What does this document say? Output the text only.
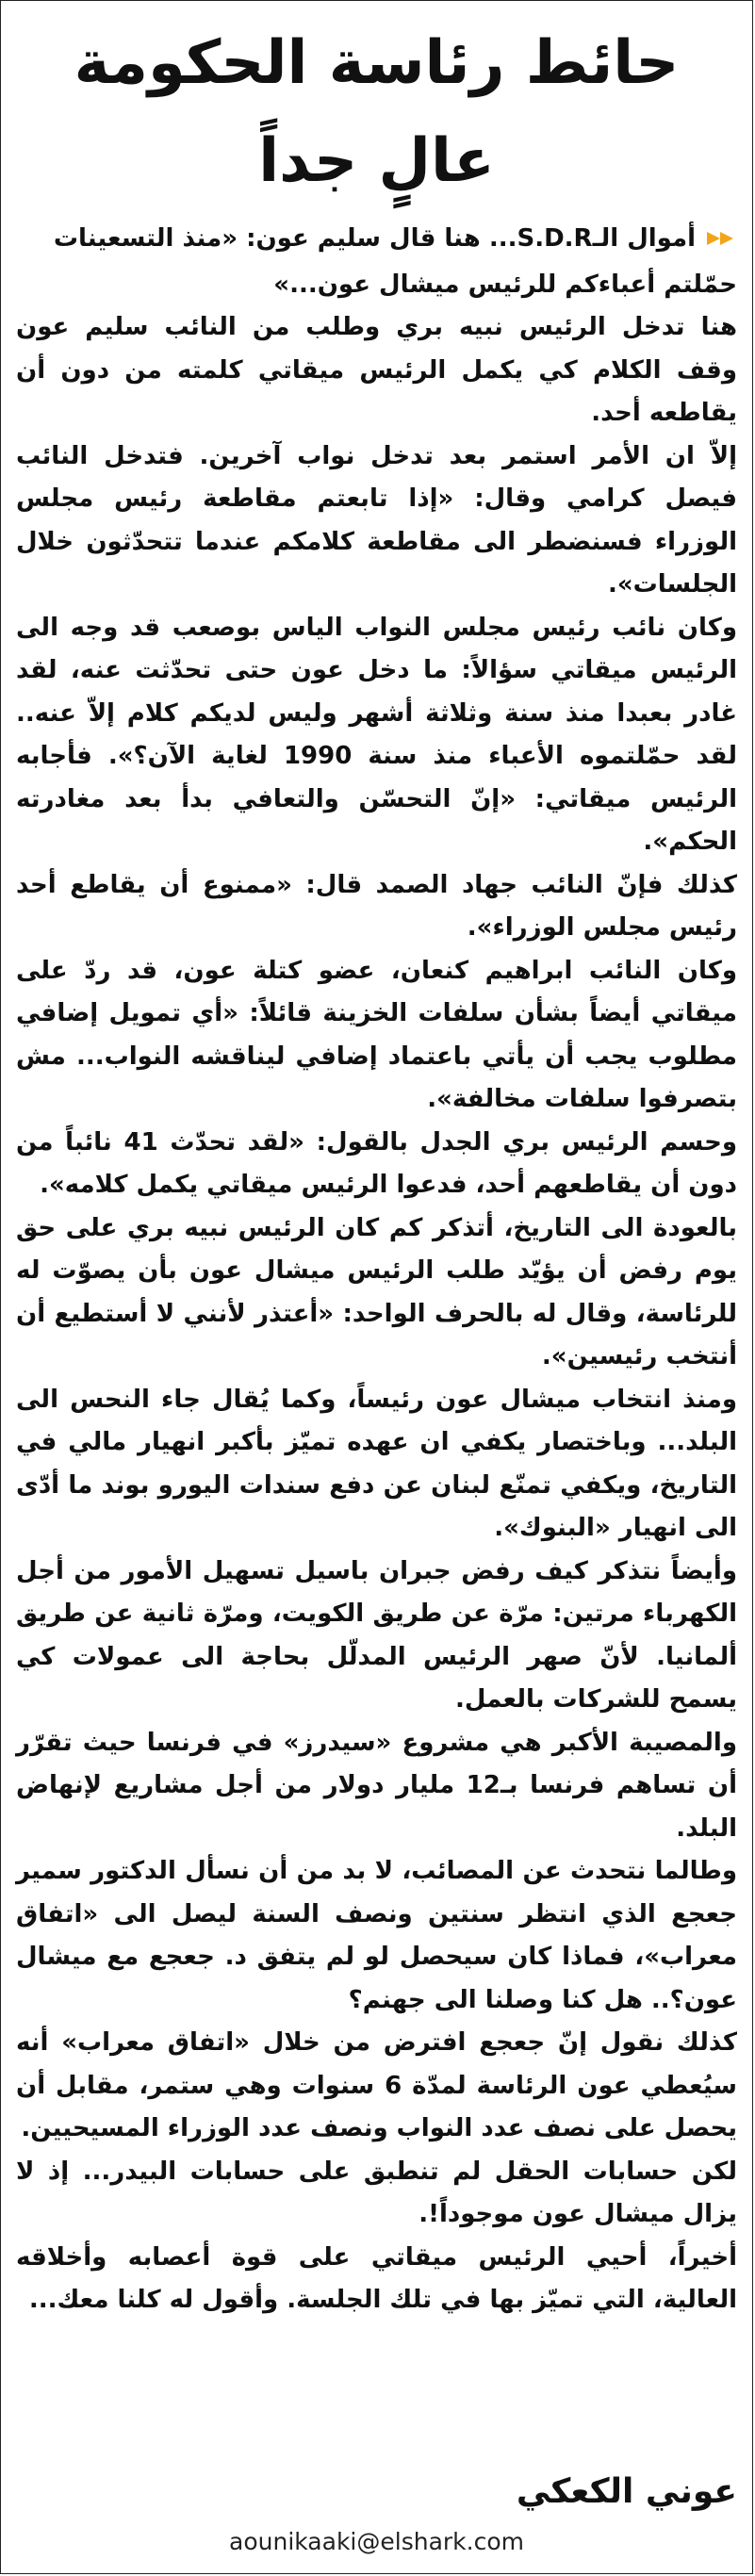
حائط رئاسة الحكومة
عالٍ جداً
أموال الـS.D.R... هنا قال سليم عون: «منذ التسعينات حمّلتم أعباءكم للرئيس ميشال عون...»

هنا تدخل الرئيس نبيه بري وطلب من النائب سليم عون وقف الكلام كي يكمل الرئيس ميقاتي كلمته من دون أن يقاطعه أحد.

إلاّ ان الأمر استمر بعد تدخل نواب آخرين. فتدخل النائب فيصل كرامي وقال: «إذا تابعتم مقاطعة رئيس مجلس الوزراء فسنضطر الى مقاطعة كلامكم عندما تتحدّثون خلال الجلسات».

وكان نائب رئيس مجلس النواب الياس بوصعب قد وجه الى الرئيس ميقاتي سؤالاً: ما دخل عون حتى تحدّثت عنه، لقد غادر بعبدا منذ سنة وثلاثة أشهر وليس لديكم كلام إلاّ عنه.. لقد حمّلتموه الأعباء منذ سنة 1990 لغاية الآن؟». فأجابه الرئيس ميقاتي: «إنّ التحسّن والتعافي بدأ بعد مغادرته الحكم».

كذلك فإنّ النائب جهاد الصمد قال: «ممنوع أن يقاطع أحد رئيس مجلس الوزراء».

وكان النائب ابراهيم كنعان، عضو كتلة عون، قد ردّ على ميقاتي أيضاً بشأن سلفات الخزينة قائلاً: «أي تمويل إضافي مطلوب يجب أن يأتي باعتماد إضافي ليناقشه النواب... مش بتصرفوا سلفات مخالفة».

وحسم الرئيس بري الجدل بالقول: «لقد تحدّث 41 نائباً من دون أن يقاطعهم أحد، فدعوا الرئيس ميقاتي يكمل كلامه».

بالعودة الى التاريخ، أتذكر كم كان الرئيس نبيه بري على حق يوم رفض أن يؤيّد طلب الرئيس ميشال عون بأن يصوّت له للرئاسة، وقال له بالحرف الواحد: «أعتذر لأنني لا أستطيع أن أنتخب رئيسين».

ومنذ انتخاب ميشال عون رئيساً، وكما يُقال جاء النحس الى البلد... وباختصار يكفي ان عهده تميّز بأكبر انهيار مالي في التاريخ، ويكفي تمنّع لبنان عن دفع سندات اليورو بوند ما أدّى الى انهيار «البنوك».

وأيضاً نتذكر كيف رفض جبران باسيل تسهيل الأمور من أجل الكهرباء مرتين: مرّة عن طريق الكويت، ومرّة ثانية عن طريق ألمانيا. لأنّ صهر الرئيس المدلّل بحاجة الى عمولات كي يسمح للشركات بالعمل.

والمصيبة الأكبر هي مشروع «سيدرز» في فرنسا حيث تقرّر أن تساهم فرنسا بـ12 مليار دولار من أجل مشاريع لإنهاض البلد.

وطالما نتحدث عن المصائب، لا بد من أن نسأل الدكتور سمير جعجع الذي انتظر سنتين ونصف السنة ليصل الى «اتفاق معراب»، فماذا كان سيحصل لو لم يتفق د. جعجع مع ميشال عون؟.. هل كنا وصلنا الى جهنم؟

كذلك نقول إنّ جعجع افترض من خلال «اتفاق معراب» أنه سيُعطي عون الرئاسة لمدّة 6 سنوات وهي ستمر، مقابل أن يحصل على نصف عدد النواب ونصف عدد الوزراء المسيحيين.

لكن حسابات الحقل لم تنطبق على حسابات البيدر... إذ لا يزال ميشال عون موجوداً!.

أخيراً، أحيي الرئيس ميقاتي على قوة أعصابه وأخلاقه العالية، التي تميّز بها في تلك الجلسة. وأقول له كلنا معك...

عوني الكعكي
aounikaaki@elshark.com
